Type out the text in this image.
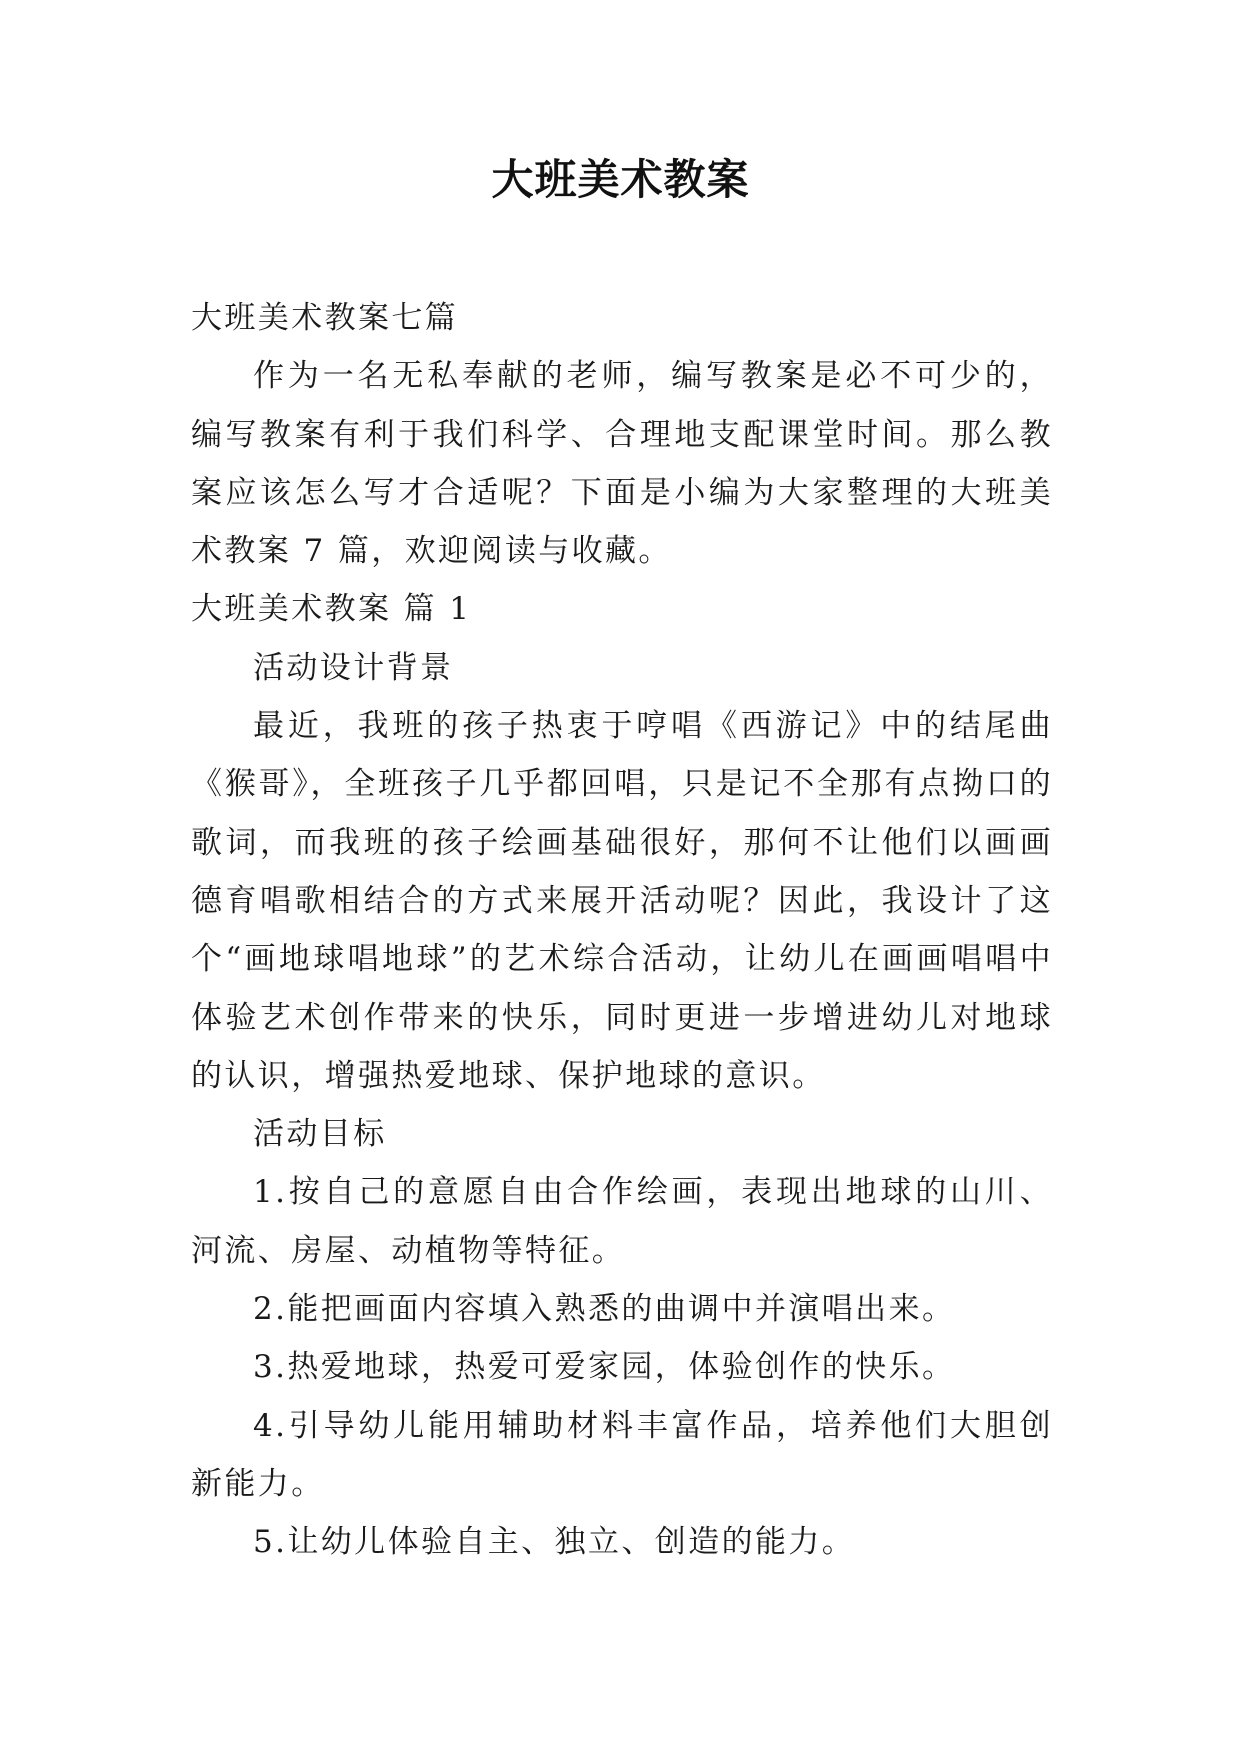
大班美术教案

大班美术教案七篇

作为一名无私奉献的老师，编写教案是必不可少的，编写教案有利于我们科学、合理地支配课堂时间。那么教案应该怎么写才合适呢？下面是小编为大家整理的大班美术教案 7 篇，欢迎阅读与收藏。

大班美术教案 篇 1

活动设计背景

最近，我班的孩子热衷于哼唱《西游记》中的结尾曲《猴哥》，全班孩子几乎都回唱，只是记不全那有点拗口的歌词，而我班的孩子绘画基础很好，那何不让他们以画画德育唱歌相结合的方式来展开活动呢？因此，我设计了这个“画地球唱地球”的艺术综合活动，让幼儿在画画唱唱中体验艺术创作带来的快乐，同时更进一步增进幼儿对地球的认识，增强热爱地球、保护地球的意识。

活动目标

1.按自己的意愿自由合作绘画，表现出地球的山川、河流、房屋、动植物等特征。

2.能把画面内容填入熟悉的曲调中并演唱出来。

3.热爱地球，热爱可爱家园，体验创作的快乐。

4.引导幼儿能用辅助材料丰富作品，培养他们大胆创新能力。

5.让幼儿体验自主、独立、创造的能力。
